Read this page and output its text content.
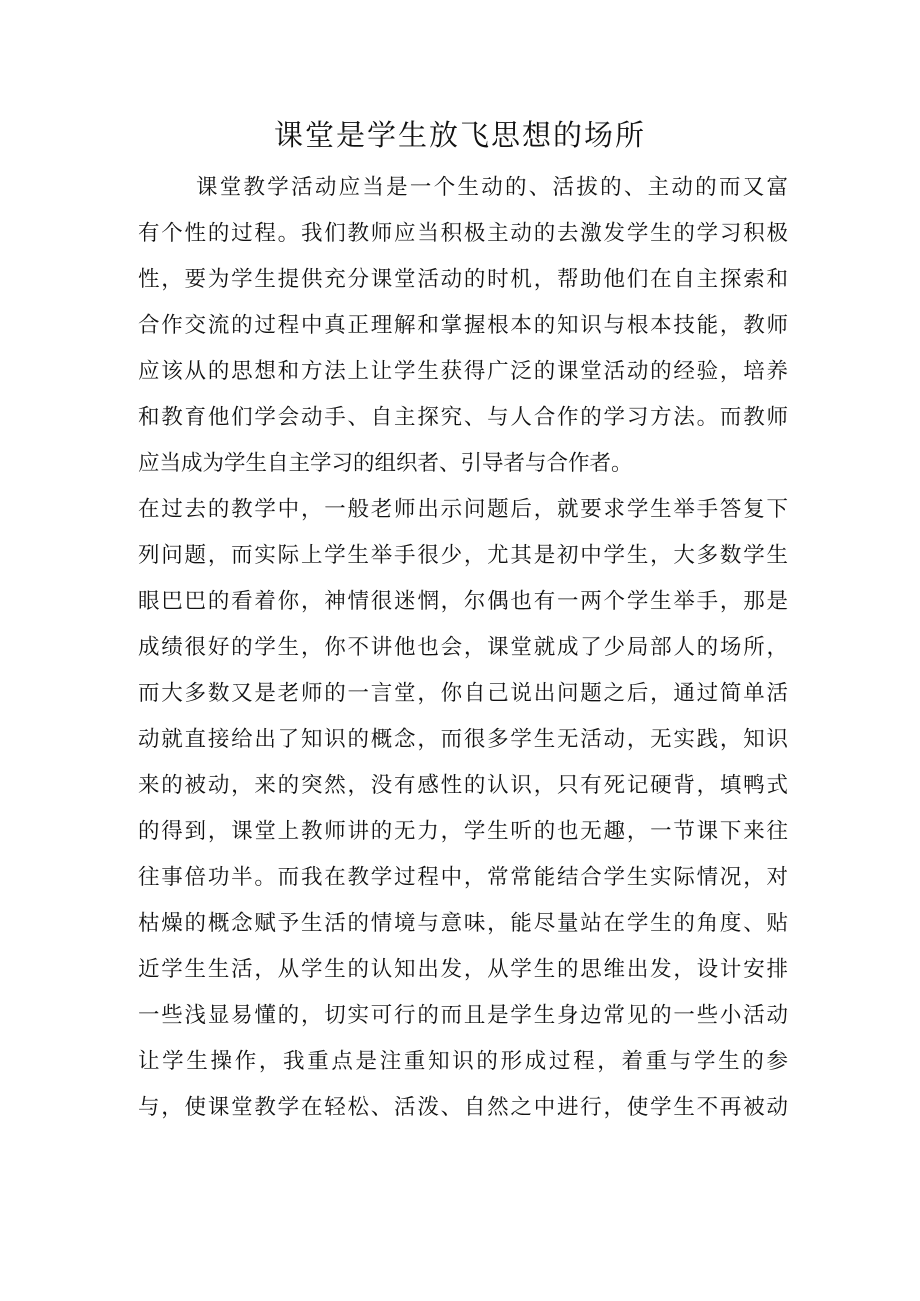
课堂是学生放飞思想的场所
课堂教学活动应当是一个生动的、活拔的、主动的而又富
有个性的过程。我们教师应当积极主动的去激发学生的学习积极
性，要为学生提供充分课堂活动的时机，帮助他们在自主探索和
合作交流的过程中真正理解和掌握根本的知识与根本技能，教师
应该从的思想和方法上让学生获得广泛的课堂活动的经验，培养
和教育他们学会动手、自主探究、与人合作的学习方法。而教师
应当成为学生自主学习的组织者、引导者与合作者。
在过去的教学中，一般老师出示问题后，就要求学生举手答复下
列问题，而实际上学生举手很少，尤其是初中学生，大多数学生
眼巴巴的看着你，神情很迷惘，尔偶也有一两个学生举手，那是
成绩很好的学生，你不讲他也会，课堂就成了少局部人的场所，
而大多数又是老师的一言堂，你自己说出问题之后，通过简单活
动就直接给出了知识的概念，而很多学生无活动，无实践，知识
来的被动，来的突然，没有感性的认识，只有死记硬背，填鸭式
的得到，课堂上教师讲的无力，学生听的也无趣，一节课下来往
往事倍功半。而我在教学过程中，常常能结合学生实际情况，对
枯燥的概念赋予生活的情境与意味，能尽量站在学生的角度、贴
近学生生活，从学生的认知出发，从学生的思维出发，设计安排
一些浅显易懂的，切实可行的而且是学生身边常见的一些小活动
让学生操作，我重点是注重知识的形成过程，着重与学生的参
与，使课堂教学在轻松、活泼、自然之中进行，使学生不再被动
